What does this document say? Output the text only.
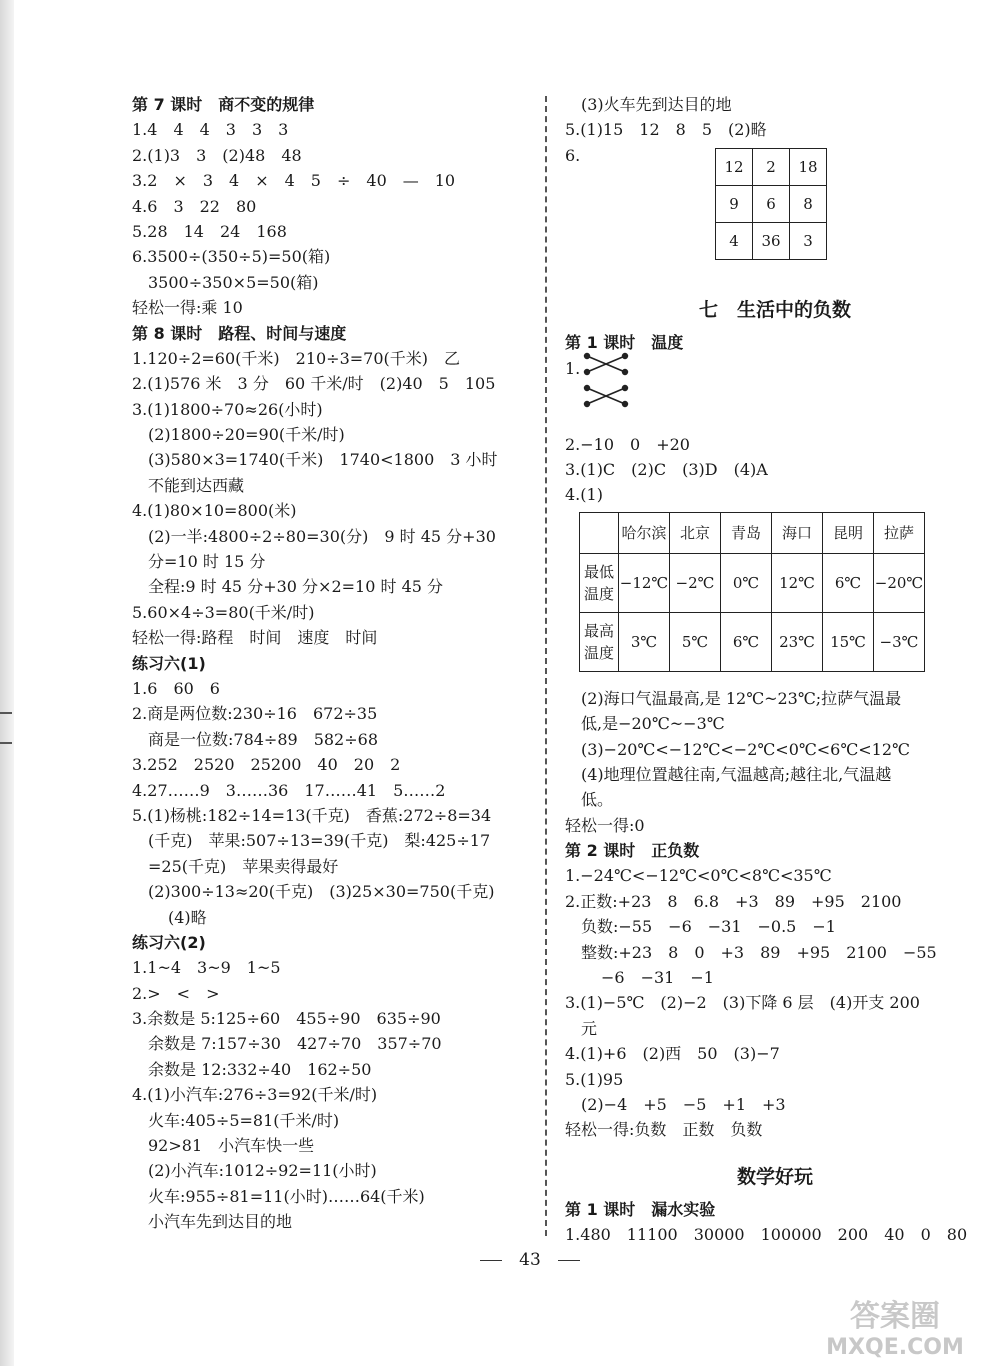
第 7 课时　商不变的规律
1.4　4　4　3　3　3
2.(1)3　3　(2)48　48
3.2　×　3　4　×　4　5　÷　40　—　10
4.6　3　22　80
5.28　14　24　168
6.3500÷(350÷5)=50(箱)
3500÷350×5=50(箱)
轻松一得:乘 10
第 8 课时　路程、时间与速度
1.120÷2=60(千米)　210÷3=70(千米)　乙
2.(1)576 米　3 分　60 千米/时　(2)40　5　105
3.(1)1800÷70≈26(小时)
(2)1800÷20=90(千米/时)
(3)580×3=1740(千米)　1740<1800　3 小时
不能到达西藏
4.(1)80×10=800(米)
(2)一半:4800÷2÷80=30(分)　9 时 45 分+30
分=10 时 15 分
全程:9 时 45 分+30 分×2=10 时 45 分
5.60×4÷3=80(千米/时)
轻松一得:路程　时间　速度　时间
练习六(1)
1.6　60　6
2.商是两位数:230÷16　672÷35
商是一位数:784÷89　582÷68
3.252　2520　25200　40　20　2
4.27……9　3……36　17……41　5……2
5.(1)杨桃:182÷14=13(千克)　香蕉:272÷8=34
(千克)　苹果:507÷13=39(千克)　梨:425÷17
=25(千克)　苹果卖得最好
(2)300÷13≈20(千克)　(3)25×30=750(千克)
(4)略
练习六(2)
1.1~4　3~9　1~5
2.>　<　>
3.余数是 5:125÷60　455÷90　635÷90
余数是 7:157÷30　427÷70　357÷70
余数是 12:332÷40　162÷50
4.(1)小汽车:276÷3=92(千米/时)
火车:405÷5=81(千米/时)
92>81　小汽车快一些
(2)小汽车:1012÷92=11(小时)
火车:955÷81=11(小时)……64(千米)
小汽车先到达目的地
(3)火车先到达目的地
5.(1)15　12　8　5　(2)略
6.
七　生活中的负数
第 1 课时　温度
1.
2.−10　0　+20
3.(1)C　(2)C　(3)D　(4)A
4.(1)
	哈尔滨	北京	青岛	海口	昆明	拉萨
最低温度	−12℃	−2℃	0℃	12℃	6℃	−20℃
最高温度	3℃	5℃	6℃	23℃	15℃	−3℃
(2)海口气温最高,是 12℃~23℃;拉萨气温最
低,是−20℃~−3℃
(3)−20℃<−12℃<−2℃<0℃<6℃<12℃
(4)地理位置越往南,气温越高;越往北,气温越
低。
轻松一得:0
第 2 课时　正负数
1.−24℃<−12℃<0℃<8℃<35℃
2.正数:+23　8　6.8　+3　89　+95　2100
负数:−55　−6　−31　−0.5　−1
整数:+23　8　0　+3　89　+95　2100　−55
−6　−31　−1
3.(1)−5℃　(2)−2　(3)下降 6 层　(4)开支 200
元
4.(1)+6　(2)西　50　(3)−7
5.(1)95
(2)−4　+5　−5　+1　+3
轻松一得:负数　正数　负数
数学好玩
第 1 课时　漏水实验
1.480　11100　30000　100000　200　40　0　80
12	2	18
9	6	8
4	36	3
43
答案圈
MXQE.COM
